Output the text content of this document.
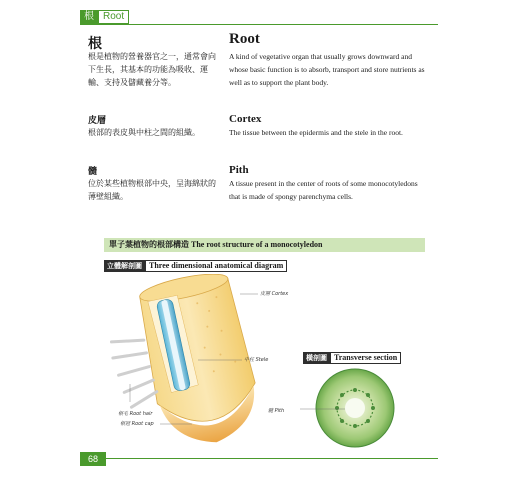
根 Root
根	Root
根是植物的營養器官之一，通常會向下生長，其基本的功能為吸收、運輸、支持及儲藏養分等。
A kind of vegetative organ that usually grows downward and whose basic function is to absorb, transport and store nutrients as well as to support the plant body.
皮層	Cortex
根部的表皮與中柱之間的組織。	The tissue between the epidermis and the stele in the root.
髓	Pith
位於某些植物根部中央，呈海綿狀的薄壁組織。
A tissue present in the center of roots of some monocotyledons that is made of spongy parenchyma cells.
單子葉植物的根部構造 The root structure of a monocotyledon
立體解剖圖 Three dimensional anatomical diagram
皮層 Cortex
中柱 Stele
根毛 Root hair
根冠 Root cap
橫剖圖 Transverse section
髓 Pith
68
